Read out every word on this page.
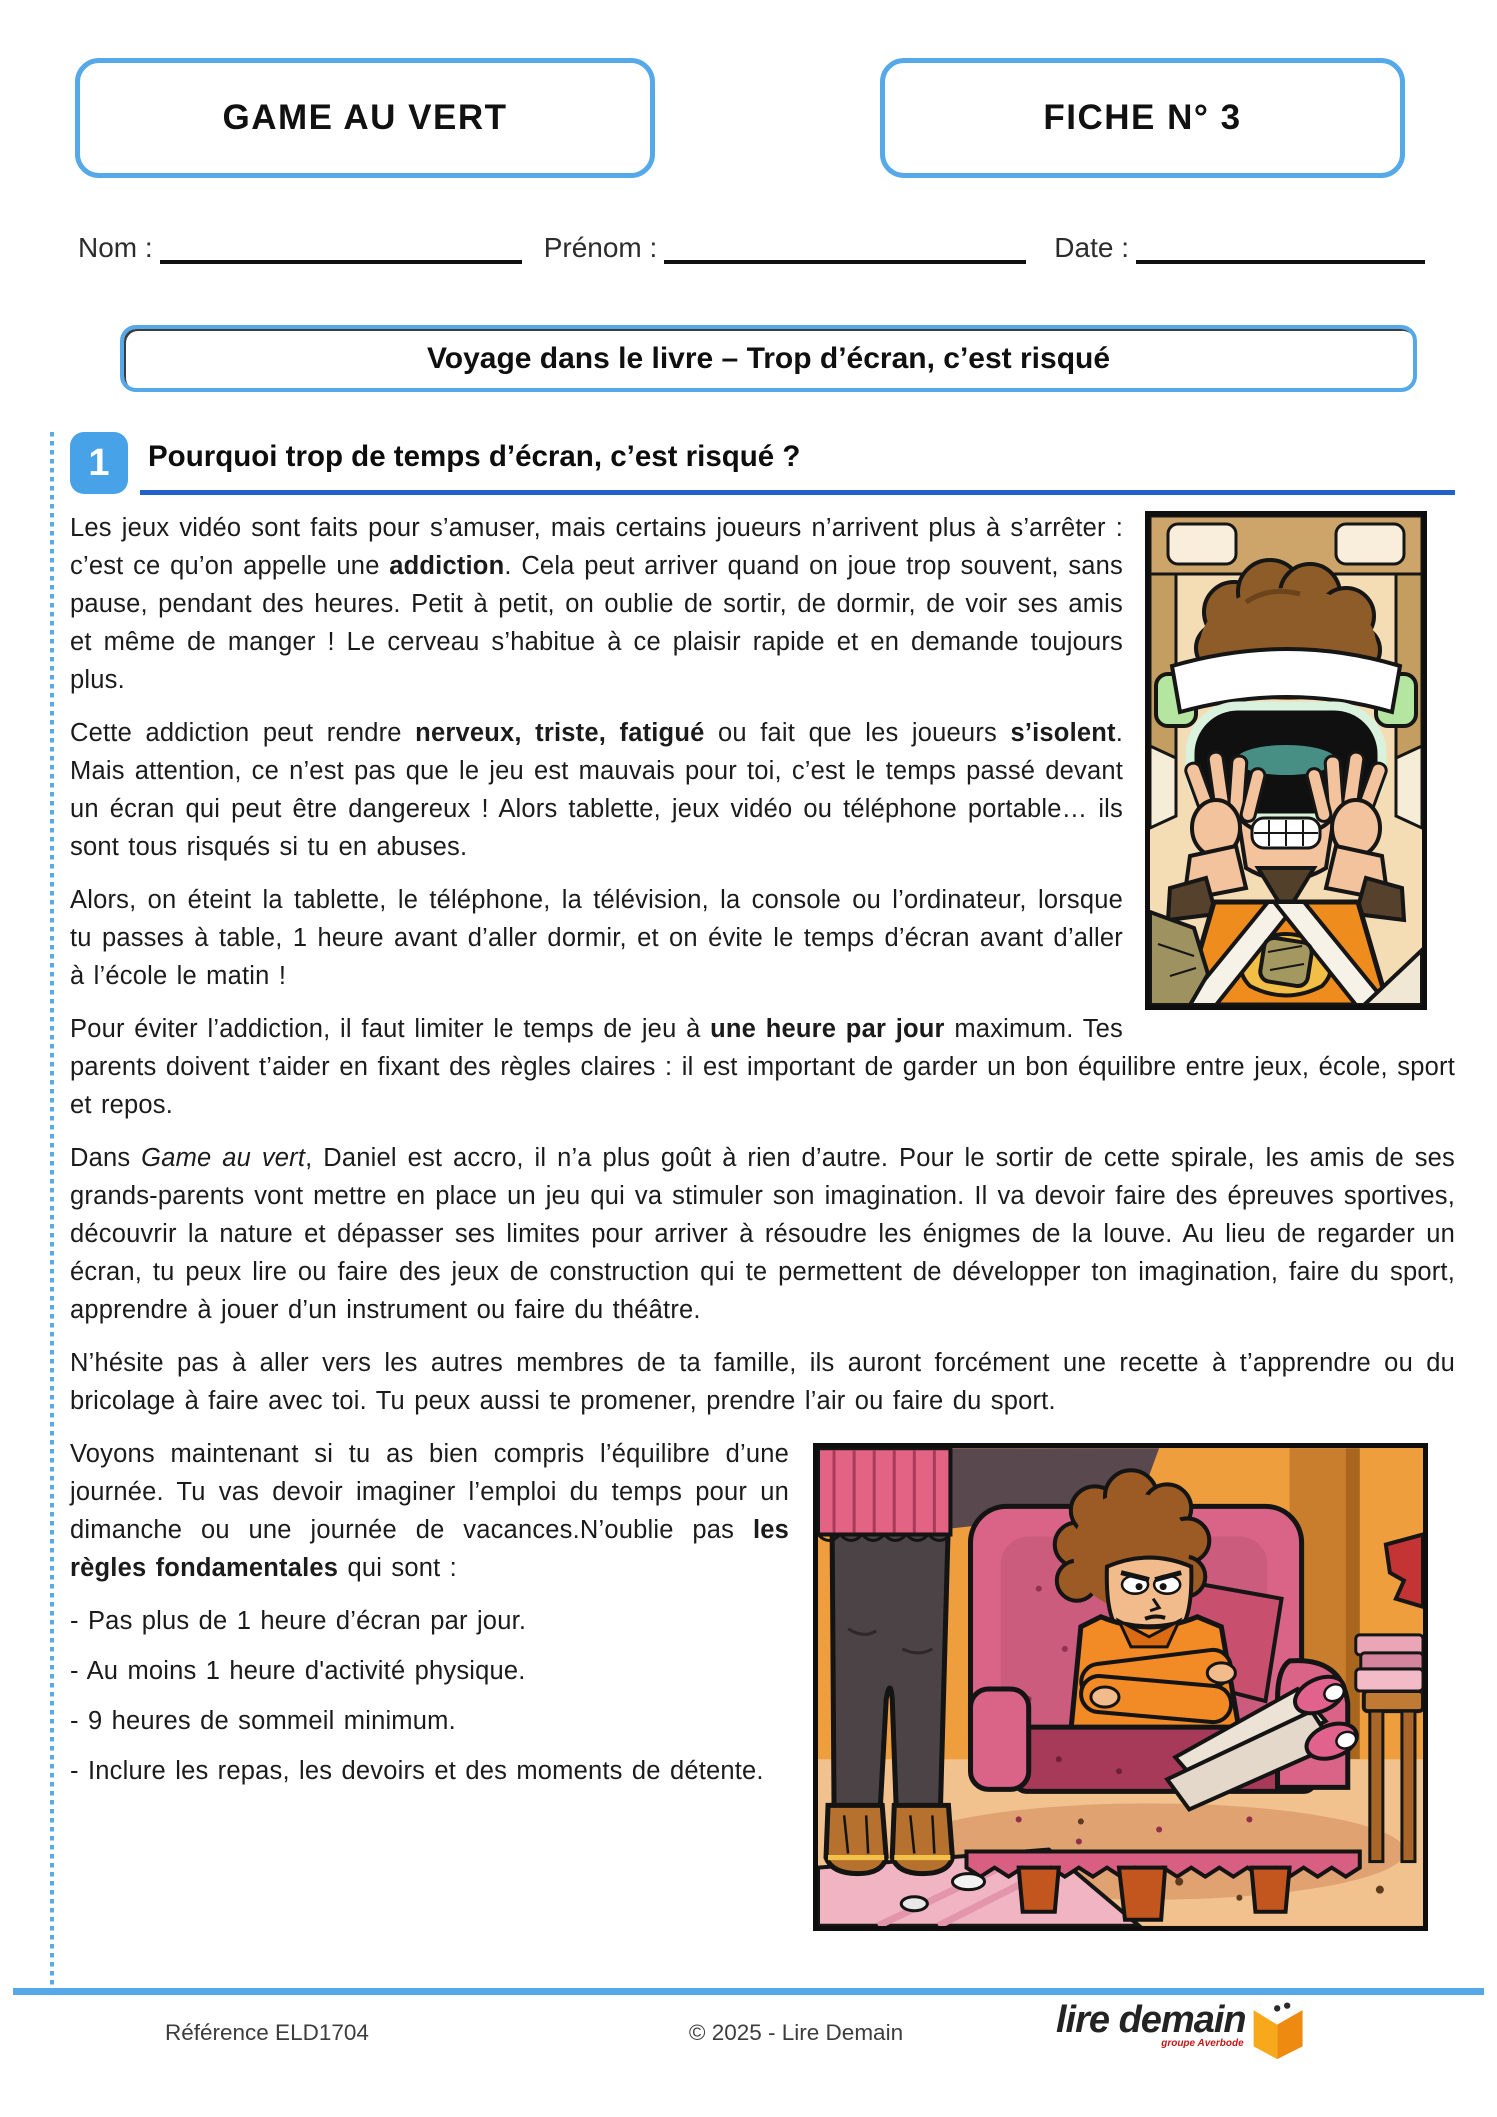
GAME AU VERT	FICHE N° 3
Nom :	Prénom :	Date :
Voyage dans le livre – Trop d’écran, c’est risqué
1	Pourquoi trop de temps d’écran, c’est risqué ?

Les jeux vidéo sont faits pour s’amuser, mais certains joueurs n’arrivent plus à s’arrêter : c’est ce qu’on appelle une addiction. Cela peut arriver quand on joue trop souvent, sans pause, pendant des heures. Petit à petit, on oublie de sortir, de dormir, de voir ses amis et même de manger ! Le cerveau s’habitue à ce plaisir rapide et en demande toujours plus.

Cette addiction peut rendre nerveux, triste, fatigué ou fait que les joueurs s’isolent. Mais attention, ce n’est pas que le jeu est mauvais pour toi, c’est le temps passé devant un écran qui peut être dangereux ! Alors tablette, jeux vidéo ou téléphone portable… ils sont tous risqués si tu en abuses.

Alors, on éteint la tablette, le téléphone, la télévision, la console ou l’ordinateur, lorsque tu passes à table, 1 heure avant d’aller dormir, et on évite le temps d’écran avant d’aller à l’école le matin !

Pour éviter l’addiction, il faut limiter le temps de jeu à une heure par jour maximum. Tes parents doivent t’aider en fixant des règles claires : il est important de garder un bon équilibre entre jeux, école, sport et repos.

Dans Game au vert, Daniel est accro, il n’a plus goût à rien d’autre. Pour le sortir de cette spirale, les amis de ses grands-parents vont mettre en place un jeu qui va stimuler son imagination. Il va devoir faire des épreuves sportives, découvrir la nature et dépasser ses limites pour arriver à résoudre les énigmes de la louve. Au lieu de regarder un écran, tu peux lire ou faire des jeux de construction qui te permettent de développer ton imagination, faire du sport, apprendre à jouer d’un instrument ou faire du théâtre.

N’hésite pas à aller vers les autres membres de ta famille, ils auront forcément une recette à t’apprendre ou du bricolage à faire avec toi. Tu peux aussi te promener, prendre l’air ou faire du sport.

Voyons maintenant si tu as bien compris l’équilibre d’une journée. Tu vas devoir imaginer l’emploi du temps pour un dimanche ou une journée de vacances.N’oublie pas les règles fondamentales qui sont :

- Pas plus de 1 heure d’écran par jour.

- Au moins 1 heure d'activité physique.

- 9 heures de sommeil minimum.

- Inclure les repas, les devoirs et des moments de détente.

Référence ELD1704	© 2025 - Lire Demain	lire demain
groupe Averbode
